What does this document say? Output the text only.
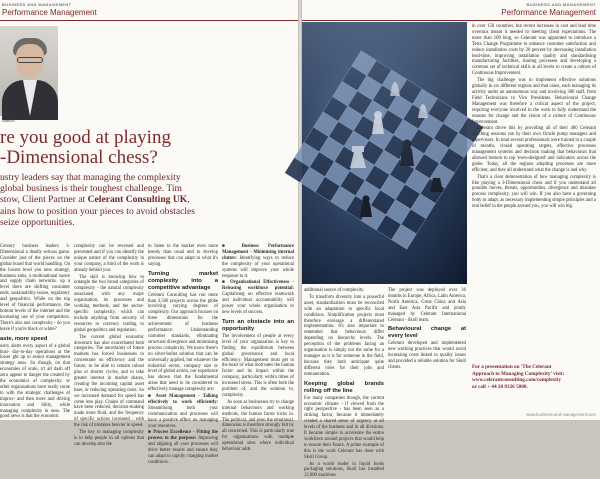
BUSINESS AND MANAGEMENT
Performance Management
Nattion
re you good at playing
-Dimensional chess?
ustry leaders say that managing the complexity
global business is their toughest challenge. Tim
stow, Client Partner at Celerant Consulting UK,
ains how to position your pieces to avoid obstacles
seize opportunities.

Century business leaders 3-Dimensional a deadly serious game. Consider just of the pieces on the global board that world handling. On the lowest level you ness strategy, business aims, a multinational nance and supply chain networks. up a level there are shifting consumer ends, sustainability issues, regulatory and geopolitics. While on the top level of financial performance, the bottom levels of the internet and the increasing use of your competitors. There's also one complexity - do you leave if you're black or white?

aste, more speed

ustry alerts every aspect of a global busi- day-to-day operations at the lower ght up to senior management strategy ness. So though, on that economies of scale, n't all dash off zero appear to danger the created by the economics of complexity. ur other organisations have really come to with the strategic challenges of improv- and then more and driving innovation and bility, while managing complexity in ness. The good news is that the economic

complexity can be reversed and prevented and if you can identify the unique nature of the complexity in your company, a third of the work is already behind you.

The skill is knowing how to untangle the two broad categories of complexity - the natural complexity associated with any major organisation, its processes and working methods, and the sector-specific complexity, which can include anything from security of resources to currency trading to global geopolitics and regulation.

The current global economic downturn has also exacerbated both categories. The uncertainty of future markets has forced businesses to concentrate on efficiency and the future, to be able to remain robust plus or shorter cycles, and to take greater interest in market shares, creating the incoming capital asset base, or reducing operating costs. So we increased demand for speed has come into play. Chains of command have been reduced, decision-making made more fluid, and the frequency of specific actions increased - with the risk of mistakes heavier in speed.

The key to managing complexity is to help people in all options that can develop into the

to listen to the market even more keenly than usual and to develop processes that can adapt to what it's saying.

Turning market complexity into a competitive advantage

Celerant Consulting has run more than 3,500 projects across the globe involving varying degrees of complexity. Our approach focuses on three dimensions for the achievement of business performance: Understanding customer standards, eliminating structural divergence and minimising process complexity. We know there's no silver-bullet solution that can be universally applied, but whatever the industrial sector, company size or level of global action, our experience has shown that the fundamental areas that need to be considered to effectively manage complexity are:

■ Asset Management - Talking effectively to work efficiently: Streamlining both your communication and processes will have a positive effect on managing your resources.

■ Process Excellence - Fitting the process to the purpose: Improving and aligning all your processes will drive better results and ensure they can adapt to rapidly changing market conditions.

■ Business Performance Management - Minimising internal clutter: Identifying ways to reduce the complexity of your operational systems will improve your whole response to it.

■ Organisational Effectiveness - Releasing workforce potential: Capitalising on effective teamwork and individual accountability will power your whole organisation to new levels of success.

Turn an obstacle into an opportunity

The involvement of people at every level of your organisation is key to finding the equilibrium between global governance and local efficiency. Management must get to the heart of what motivates the human factor and its impact within the company, particularly within times of increased stress. This is often both the problem of, and the solution to, complexity.

As soon as businesses try to change internal behaviours and working methods, the human factor kicks in. The political, and even the emotional, dimension is therefore strongly felt by all concerned. This is particularly true for organisations with multiple operational sites where individual behaviour adds

BUSINESS AND MANAGEMENT
Performance Management

additional source of complexity.

To transform diversity into a powerful asset, standardisation must be reconciled with an adaptation to specific local conditions. Simplification projects must therefore envisage a differentiated implementation. It's also important to remember that behaviours differ depending on hierarchy levels. The perception of the problems facing an organisation is simply not the same for a manager as it is for someone in the field, because they both anticipate quite different roles for their jobs and remuneration.

Keeping global brands rolling off the line

For many companies though, the current economic climate - if viewed from the right perspective - has been seen as a striking factor, because it immediately created a shared sense of urgency at all levels of the business and in all divisions. It became simple to accelerate the entire workforce around projects that would help to ensure their future. A prime example of this is the work Celerant has done with Skoll Group.

As a world leader in liquid foods packaging solutions, Skoll has installed 12,000 machines

The project was deployed over 36 months in Europe, Africa, Latin America, North America, Great China and Asia and East Asia Pacific and jointly managed by Celerant International Celerant - Skoll team.

Behavioural change at every level

Celerant developed and implemented new working practices that would avoid increasing costs linked to quality issues and provided a reliable solution for Skoll clients.

in over 150 countries, but recent increases in cost and lead time overruns meant it needed to meeting client expectations. The more than 100 blog, so Celerant was appointed to introduce a Tetra Change Programme to enhance customer satisfaction and reduce installation costs by 20 percent by decreasing installation lead-time, improving installation quality and standardising manufacturing facilities, sharing processes and developing a common set of technical skills at all levels to create a culture of Continuous Improvement.

The big challenge was to implement effective solutions globally in six different regions and that cases, each managing its activity under an autonomous way and involving 300 staff, from Field Technicians to Vice Presidents. Behavioural Change Management was therefore a critical aspect of the project, requiring everyone involved in the work to fully understand the reasons for change and the vision of a culture of Continuous Improvement.

Celerant drove this by providing all of their 400 Celerant coaching sessions run by their own Oracle pump managers and supervisors. In total several professionals were trained in a couple of months, closed operating targets, effective processes management systems and decision making that behaviours that allowed bottom to top 'even-designed' and indicators across the globe. Today, all the regions adopting processes are more efficient, and they all understand what the change is and why.

That's a clear demonstration of how managing complexity is like playing a 3-Dimensional chess and if you understand all possible moves, threats, opportunities, divergence and mistakes process complexity, you will win. If you also have a governing body to adapt, as necessary implementing simple principles and a real belief in the people around you, you will win big.

For a presentation on 'The Celerant
Approach to Managing Complexity' visit:
www.celerantconsulting.com/complexity
or call + 44 20 8326 5000.
www.business-and-management.com
